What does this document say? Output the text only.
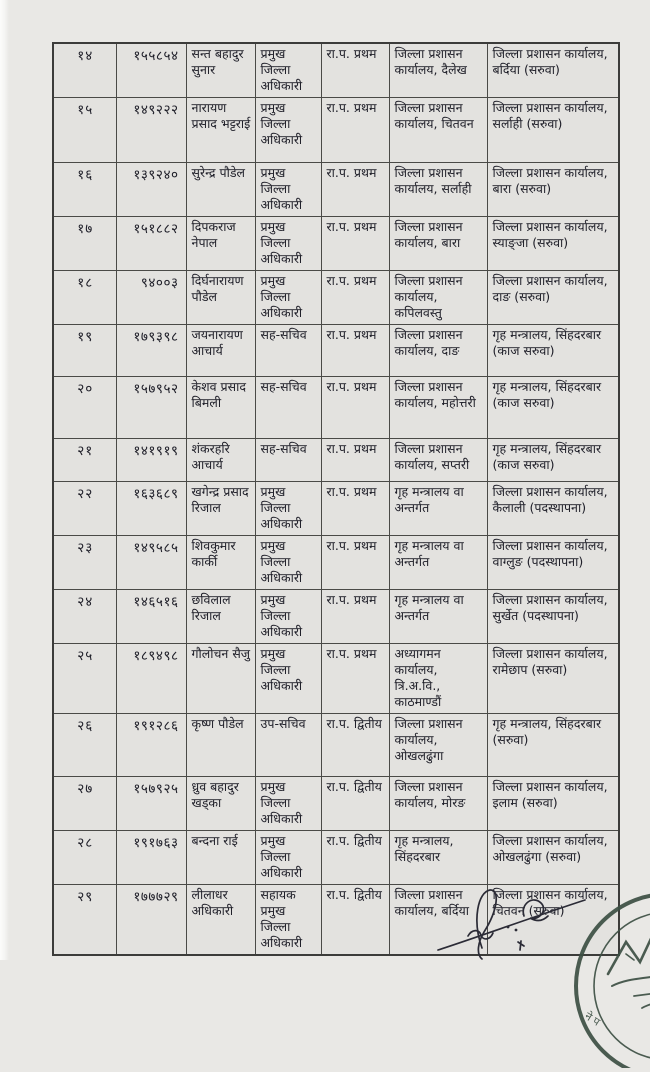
१४	१५५८५४	सन्त बहादुर सुनार	प्रमुख जिल्ला अधिकारी	रा.प. प्रथम	जिल्ला प्रशासन कार्यालय, दैलेख	जिल्ला प्रशासन कार्यालय, बर्दिया (सरुवा)
१५	१४९२२२	नारायण प्रसाद भट्टराई	प्रमुख जिल्ला अधिकारी	रा.प. प्रथम	जिल्ला प्रशासन कार्यालय, चितवन	जिल्ला प्रशासन कार्यालय, सर्लाही (सरुवा)
१६	१३९२४०	सुरेन्द्र पौडेल	प्रमुख जिल्ला अधिकारी	रा.प. प्रथम	जिल्ला प्रशासन कार्यालय, सर्लाही	जिल्ला प्रशासन कार्यालय, बारा (सरुवा)
१७	१५१८८२	दिपकराज नेपाल	प्रमुख जिल्ला अधिकारी	रा.प. प्रथम	जिल्ला प्रशासन कार्यालय, बारा	जिल्ला प्रशासन कार्यालय, स्याङ्जा (सरुवा)
१८	९४००३	दिर्घनारायण पौडेल	प्रमुख जिल्ला अधिकारी	रा.प. प्रथम	जिल्ला प्रशासन कार्यालय, कपिलवस्तु	जिल्ला प्रशासन कार्यालय, दाङ (सरुवा)
१९	१७९३९८	जयनारायण आचार्य	सह-सचिव	रा.प. प्रथम	जिल्ला प्रशासन कार्यालय, दाङ	गृह मन्त्रालय, सिंहदरबार (काज सरुवा)
२०	१५७९५२	केशव प्रसाद बिमली	सह-सचिव	रा.प. प्रथम	जिल्ला प्रशासन कार्यालय, महोत्तरी	गृह मन्त्रालय, सिंहदरबार (काज सरुवा)
२१	१४१९१९	शंकरहरि आचार्य	सह-सचिव	रा.प. प्रथम	जिल्ला प्रशासन कार्यालय, सप्तरी	गृह मन्त्रालय, सिंहदरबार (काज सरुवा)
२२	१६३६८९	खगेन्द्र प्रसाद रिजाल	प्रमुख जिल्ला अधिकारी	रा.प. प्रथम	गृह मन्त्रालय वा अन्तर्गत	जिल्ला प्रशासन कार्यालय, कैलाली (पदस्थापना)
२३	१४९५८५	शिवकुमार कार्की	प्रमुख जिल्ला अधिकारी	रा.प. प्रथम	गृह मन्त्रालय वा अन्तर्गत	जिल्ला प्रशासन कार्यालय, वाग्लुङ (पदस्थापना)
२४	१४६५१६	छविलाल रिजाल	प्रमुख जिल्ला अधिकारी	रा.प. प्रथम	गृह मन्त्रालय वा अन्तर्गत	जिल्ला प्रशासन कार्यालय, सुर्खेत (पदस्थापना)
२५	१८९४९८	गौलोचन सैजु	प्रमुख जिल्ला अधिकारी	रा.प. प्रथम	अध्यागमन कार्यालय, त्रि.अ.वि., काठमाण्डौं	जिल्ला प्रशासन कार्यालय, रामेछाप (सरुवा)
२६	१९१२८६	कृष्ण पौडेल	उप-सचिव	रा.प. द्वितीय	जिल्ला प्रशासन कार्यालय, ओखलढुंगा	गृह मन्त्रालय, सिंहदरबार (सरुवा)
२७	१५७९२५	ध्रुव बहादुर खड्का	प्रमुख जिल्ला अधिकारी	रा.प. द्वितीय	जिल्ला प्रशासन कार्यालय, मोरङ	जिल्ला प्रशासन कार्यालय, इलाम (सरुवा)
२८	१९१७६३	बन्दना राई	प्रमुख जिल्ला अधिकारी	रा.प. द्वितीय	गृह मन्त्रालय, सिंहदरबार	जिल्ला प्रशासन कार्यालय, ओखलढुंगा (सरुवा)
२९	१७७७२९	लीलाधर अधिकारी	सहायक प्रमुख जिल्ला अधिकारी	रा.प. द्वितीय	जिल्ला प्रशासन कार्यालय, बर्दिया	जिल्ला प्रशासन कार्यालय, चितवन (सरुवा)
नेप
